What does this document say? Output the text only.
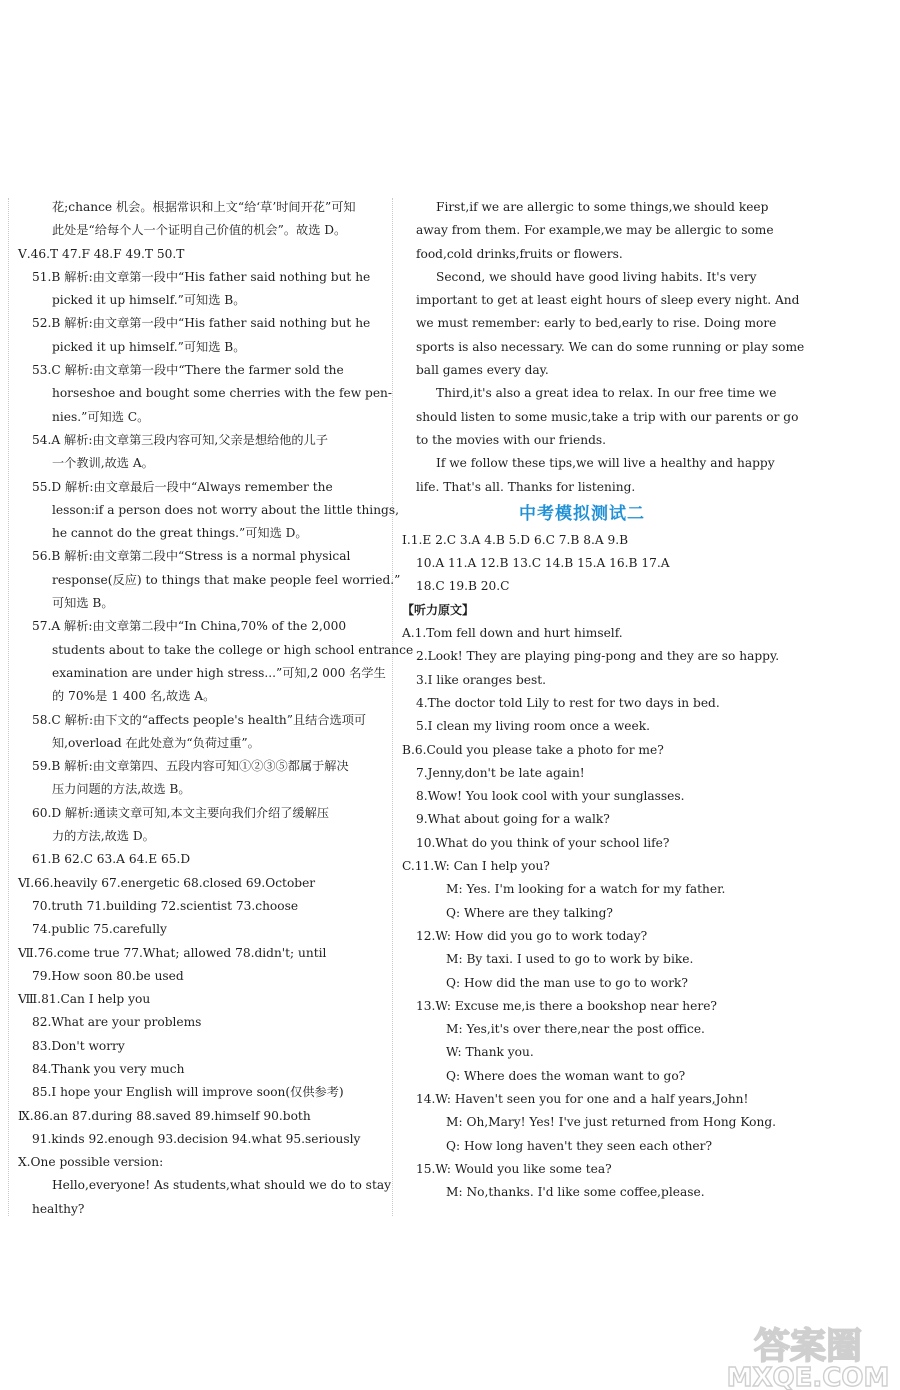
花;chance 机会。根据常识和上文“给‘草’时间开花”可知
此处是“给每个人一个证明自己价值的机会”。故选 D。
Ⅴ.46.T 47.F 48.F 49.T 50.T
51.B 解析:由文章第一段中“His father said nothing but he
picked it up himself.”可知选 B。
52.B 解析:由文章第一段中“His father said nothing but he
picked it up himself.”可知选 B。
53.C 解析:由文章第一段中“There the farmer sold the
horseshoe and bought some cherries with the few pen-
nies.”可知选 C。
54.A 解析:由文章第三段内容可知,父亲是想给他的儿子
一个教训,故选 A。
55.D 解析:由文章最后一段中“Always remember the
lesson:if a person does not worry about the little things,
he cannot do the great things.”可知选 D。
56.B 解析:由文章第二段中“Stress is a normal physical
response(反应) to things that make people feel worried.”
可知选 B。
57.A 解析:由文章第二段中“In China,70% of the 2,000
students about to take the college or high school entrance
examination are under high stress...”可知,2 000 名学生
的 70%是 1 400 名,故选 A。
58.C 解析:由下文的“affects people's health”且结合选项可
知,overload 在此处意为“负荷过重”。
59.B 解析:由文章第四、五段内容可知①②③⑤都属于解决
压力问题的方法,故选 B。
60.D 解析:通读文章可知,本文主要向我们介绍了缓解压
力的方法,故选 D。
61.B 62.C 63.A 64.E 65.D
Ⅵ.66.heavily 67.energetic 68.closed 69.October
70.truth 71.building 72.scientist 73.choose
74.public 75.carefully
Ⅶ.76.come true 77.What; allowed 78.didn't; until
79.How soon 80.be used
Ⅷ.81.Can I help you
82.What are your problems
83.Don't worry
84.Thank you very much
85.I hope your English will improve soon(仅供参考)
Ⅸ.86.an 87.during 88.saved 89.himself 90.both
91.kinds 92.enough 93.decision 94.what 95.seriously
Ⅹ.One possible version:
Hello,everyone! As students,what should we do to stay
healthy?
First,if we are allergic to some things,we should keep
away from them. For example,we may be allergic to some
food,cold drinks,fruits or flowers.
Second, we should have good living habits. It's very
important to get at least eight hours of sleep every night. And
we must remember: early to bed,early to rise. Doing more
sports is also necessary. We can do some running or play some
ball games every day.
Third,it's also a great idea to relax. In our free time we
should listen to some music,take a trip with our parents or go
to the movies with our friends.
If we follow these tips,we will live a healthy and happy
life. That's all. Thanks for listening.
中考模拟测试二
Ⅰ.1.E 2.C 3.A 4.B 5.D 6.C 7.B 8.A 9.B
10.A 11.A 12.B 13.C 14.B 15.A 16.B 17.A
18.C 19.B 20.C
【听力原文】
A.1.Tom fell down and hurt himself.
2.Look! They are playing ping-pong and they are so happy.
3.I like oranges best.
4.The doctor told Lily to rest for two days in bed.
5.I clean my living room once a week.
B.6.Could you please take a photo for me?
7.Jenny,don't be late again!
8.Wow! You look cool with your sunglasses.
9.What about going for a walk?
10.What do you think of your school life?
C.11.W: Can I help you?
M: Yes. I'm looking for a watch for my father.
Q: Where are they talking?
12.W: How did you go to work today?
M: By taxi. I used to go to work by bike.
Q: How did the man use to go to work?
13.W: Excuse me,is there a bookshop near here?
M: Yes,it's over there,near the post office.
W: Thank you.
Q: Where does the woman want to go?
14.W: Haven't seen you for one and a half years,John!
M: Oh,Mary! Yes! I've just returned from Hong Kong.
Q: How long haven't they seen each other?
15.W: Would you like some tea?
M: No,thanks. I'd like some coffee,please.
答案圈
MXQE.COM
